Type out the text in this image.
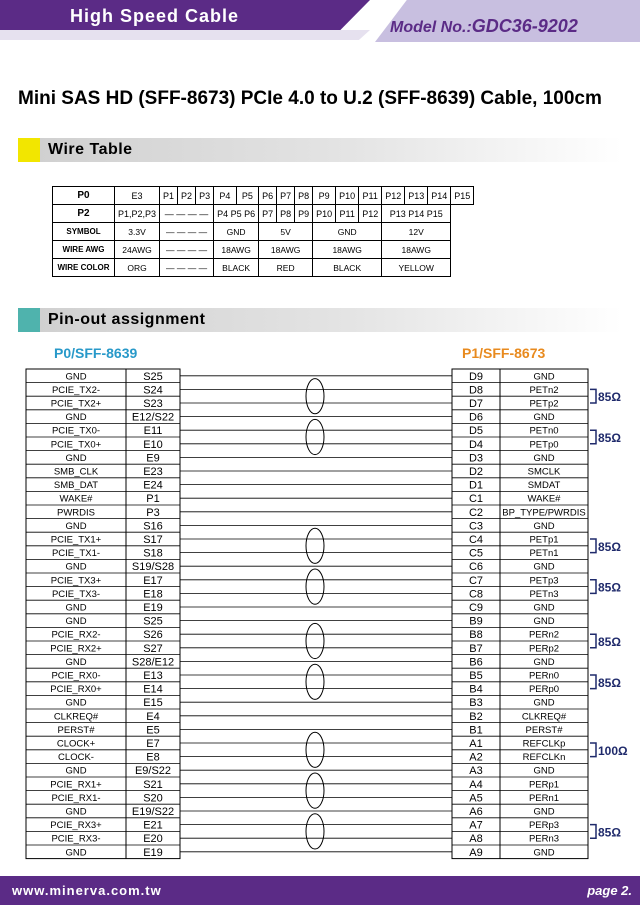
High Speed Cable
Model No.:GDC36-9202
Mini SAS HD (SFF-8673) PCIe 4.0 to U.2 (SFF-8639) Cable, 100cm
Wire Table
P0	E3	P1	P2	P3	P4	P5	P6	P7	P8	P9	P10	P11	P12	P13	P14	P15
P2	P1,P2,P3	— — — —			P4 P5 P6		P7	P8	P9	P10	P11	P12	P13 P14 P15			
SYMBOL	3.3V	— — — —			GND		5V			GND			12V			
WIRE AWG	24AWG	— — — —			18AWG		18AWG			18AWG			18AWG			
WIRE COLOR	ORG	— — — —			BLACK		RED			BLACK			YELLOW			
Pin-out assignment
P0/SFF-8639	P1/SFF-8673
GND	S25	D9	GND
PCIE_TX2-	S24	D8	PETn2
PCIE_TX2+	S23	D7	PETp2
GND	E12/S22	D6	GND
PCIE_TX0-	E11	D5	PETn0
PCIE_TX0+	E10	D4	PETp0
GND	E9	D3	GND
SMB_CLK	E23	D2	SMCLK
SMB_DAT	E24	D1	SMDAT
WAKE#	P1	C1	WAKE#
PWRDIS	P3	C2 BP_TYPE/PWRDIS
GND	S16	C3	GND
PCIE_TX1+	S17	C4	PETp1
PCIE_TX1-	S18	C5	PETn1
GND	S19/S28	C6	GND
PCIE_TX3+	E17	C7	PETp3
PCIE_TX3-	E18	C8	PETn3
GND	E19	C9	GND
GND	S25	B9	GND
PCIE_RX2-	S26	B8	PERn2
PCIE_RX2+	S27	B7	PERp2
GND	S28/E12	B6	GND
PCIE_RX0-	E13	B5	PERn0
PCIE_RX0+	E14	B4	PERp0
GND	E15	B3	GND
CLKREQ#	E4	B2	CLKREQ#
PERST#	E5	B1	PERST#
CLOCK+	E7	A1	REFCLKp
CLOCK-	E8	A2	REFCLKn
GND	E9/S22	A3	GND
PCIE_RX1+	S21	A4	PERp1
PCIE_RX1-	S20	A5	PERn1
GND	E19/S22	A6	GND
PCIE_RX3+	E21	A7	PERp3
PCIE_RX3-	E20	A8	PERn3
GND	E19	A9	GND
85Ω
85Ω
85Ω
85Ω
85Ω
85Ω
100Ω
85Ω
www.minerva.com.tw	page 2.
